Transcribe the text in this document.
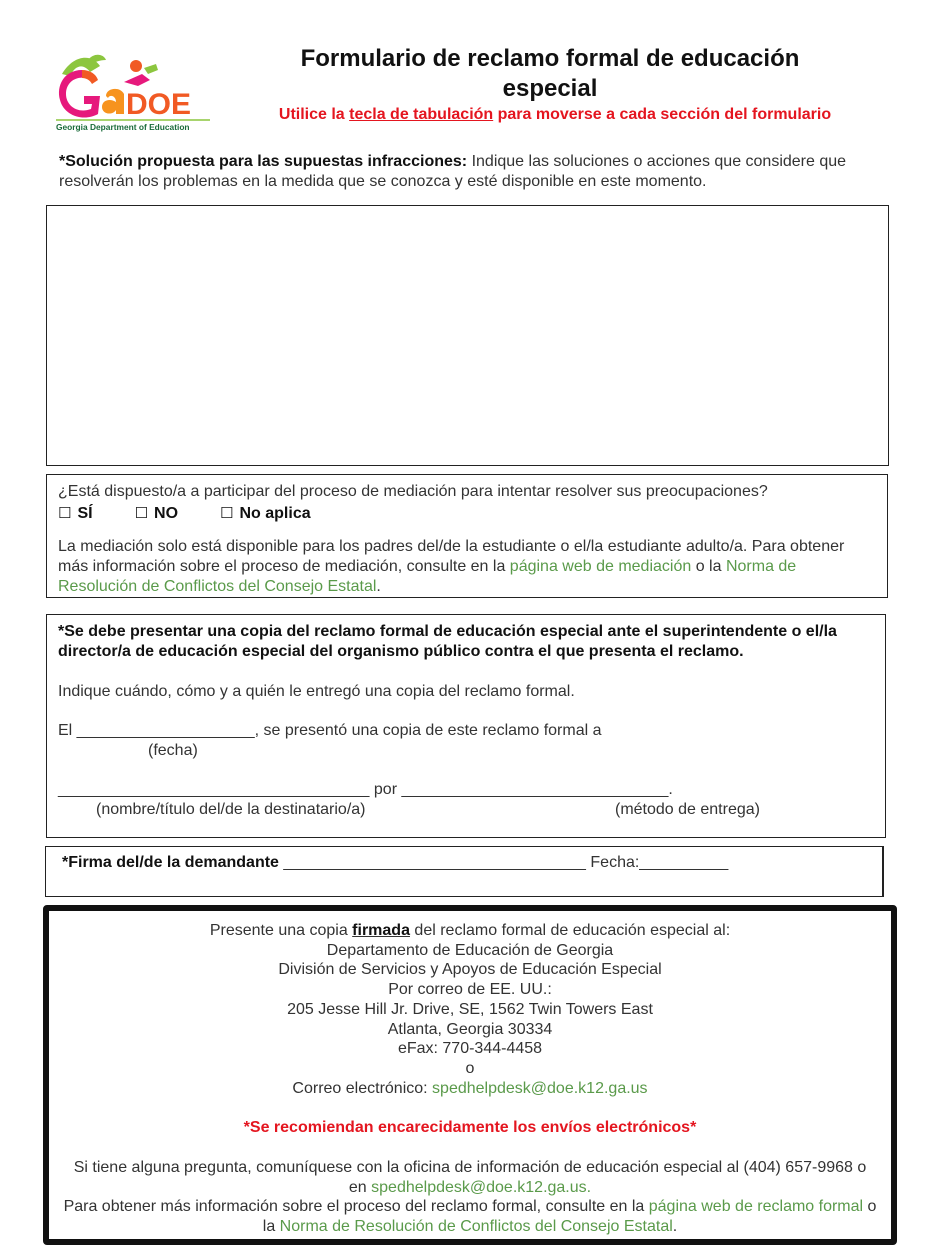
DOE
Georgia Department of Education
Formulario de reclamo formal de educación especial
Utilice la tecla de tabulación para moverse a cada sección del formulario
*Solución propuesta para las supuestas infracciones: Indique las soluciones o acciones que considere que resolverán los problemas en la medida que se conozca y esté disponible en este momento.
¿Está dispuesto/a a participar del proceso de mediación para intentar resolver sus preocupaciones?
☐ SÍ	☐ NO	☐ No aplica
La mediación solo está disponible para los padres del/de la estudiante o el/la estudiante adulto/a. Para obtener más información sobre el proceso de mediación, consulte en la página web de mediación o la Norma de Resolución de Conflictos del Consejo Estatal.

*Se debe presentar una copia del reclamo formal de educación especial ante el superintendente o el/la director/a de educación especial del organismo público contra el que presenta el reclamo.

Indique cuándo, cómo y a quién le entregó una copia del reclamo formal.

El ____________________, se presentó una copia de este reclamo formal a

(fecha)

___________________________________ por ______________________________.

(nombre/título del/de la destinatario/a)	(método de entrega)

*Firma del/de la demandante __________________________________ Fecha:__________
Presente una copia firmada del reclamo formal de educación especial al:
Departamento de Educación de Georgia
División de Servicios y Apoyos de Educación Especial
Por correo de EE. UU.:
205 Jesse Hill Jr. Drive, SE, 1562 Twin Towers East
Atlanta, Georgia 30334
eFax: 770-344-4458
o
Correo electrónico: spedhelpdesk@doe.k12.ga.us
*Se recomiendan encarecidamente los envíos electrónicos*
Si tiene alguna pregunta, comuníquese con la oficina de información de educación especial al (404) 657-9968 o en spedhelpdesk@doe.k12.ga.us.
Para obtener más información sobre el proceso del reclamo formal, consulte en la página web de reclamo formal o la Norma de Resolución de Conflictos del Consejo Estatal.
